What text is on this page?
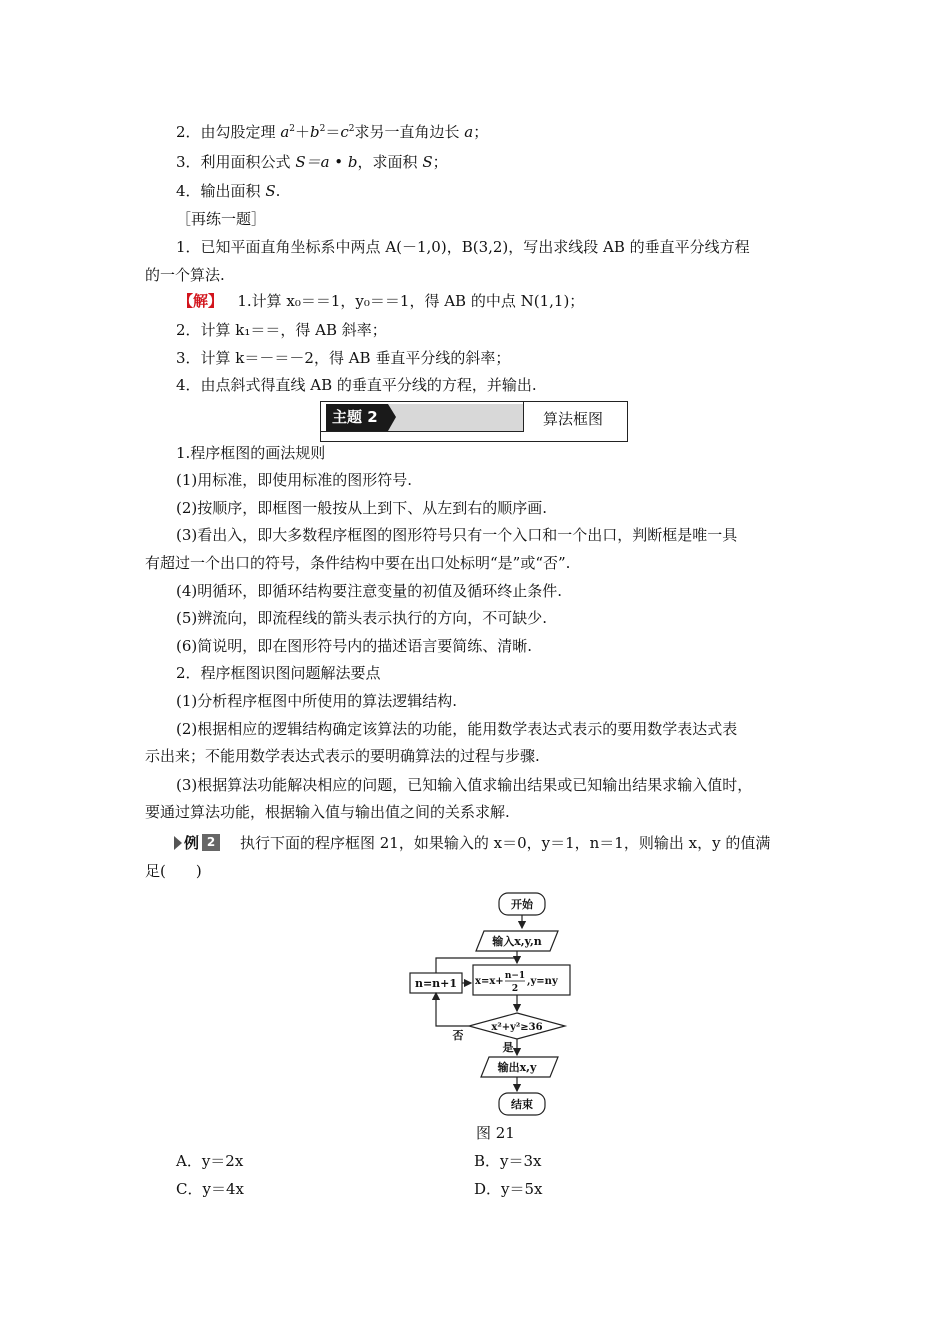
2．由勾股定理 $a^2+b^2=c^2$求另一直角边长 a；
3．利用面积公式 S＝a • b，求面积 S；
4．输出面积 S.
［再练一题］
1．已知平面直角坐标系中两点 A(－1,0)，B(3,2)，写出求线段 AB 的垂直平分线方程
的一个算法.
【解】 1.计算 x₀＝＝1，y₀＝＝1，得 AB 的中点 N(1,1)；
2．计算 k₁＝＝，得 AB 斜率；
3．计算 k＝－＝－2，得 AB 垂直平分线的斜率；
4．由点斜式得直线 AB 的垂直平分线的方程，并输出.
主题 2	算法框图
1.程序框图的画法规则
(1)用标准，即使用标准的图形符号.
(2)按顺序，即框图一般按从上到下、从左到右的顺序画.
(3)看出入，即大多数程序框图的图形符号只有一个入口和一个出口，判断框是唯一具
有超过一个出口的符号，条件结构中要在出口处标明“是”或“否”.
(4)明循环，即循环结构要注意变量的初值及循环终止条件.
(5)辨流向，即流程线的箭头表示执行的方向，不可缺少.
(6)简说明，即在图形符号内的描述语言要简练、清晰.
2．程序框图识图问题解法要点
(1)分析程序框图中所使用的算法逻辑结构.
(2)根据相应的逻辑结构确定该算法的功能，能用数学表达式表示的要用数学表达式表
示出来；不能用数学表达式表示的要明确算法的过程与步骤.
(3)根据算法功能解决相应的问题，已知输入值求输出结果或已知输出结果求输入值时，
要通过算法功能，根据输入值与输出值之间的关系求解.
例 2	执行下面的程序框图 21，如果输入的 x＝0，y＝1，n＝1，则输出 x，y 的值满
足(　　)
开始
输入x,y,n
n=n+1 x=x+ n−1
2
,y=ny
x²+y²≥36
否
是
输出x,y
结束
图 21
A．y＝2x	B．y＝3x
C．y＝4x	D．y＝5x
